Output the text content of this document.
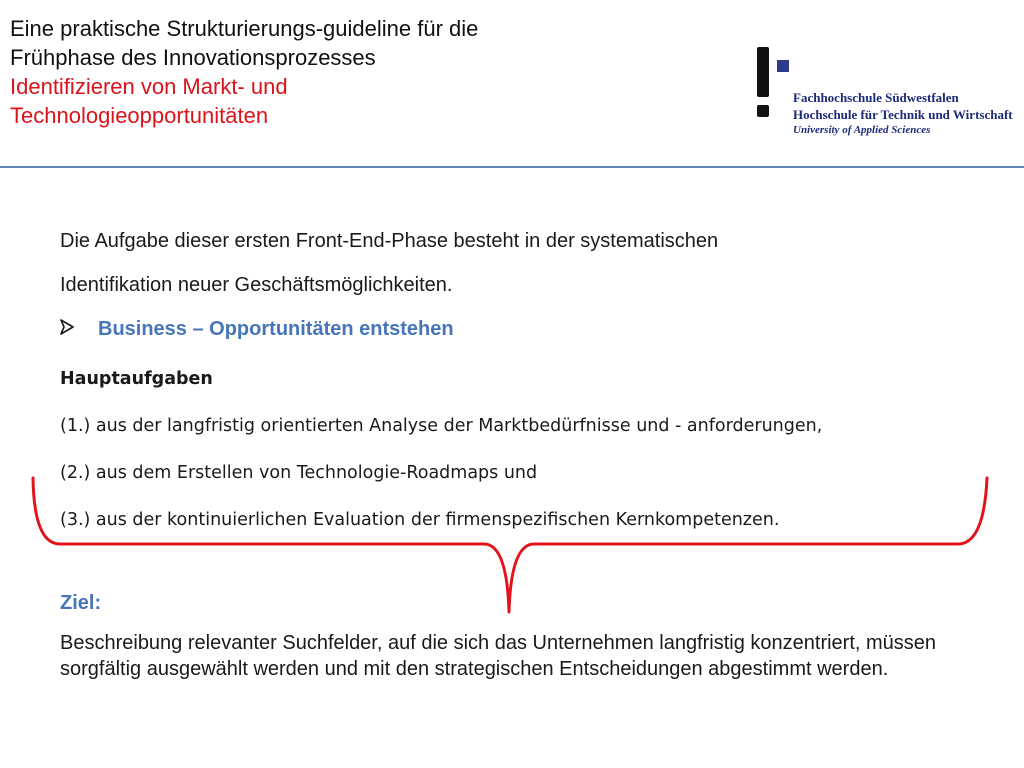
Eine praktische Strukturierungs-guideline für die
Frühphase des Innovationsprozesses
Identifizieren von Markt- und
Technologieopportunitäten
Fachhochschule Südwestfalen
Hochschule für Technik und Wirtschaft
University of Applied Sciences
Die Aufgabe dieser ersten Front-End-Phase besteht in der systematischen
Identifikation neuer Geschäftsmöglichkeiten.
Business – Opportunitäten entstehen
Hauptaufgaben
(1.) aus der langfristig orientierten Analyse der Marktbedürfnisse und - anforderungen,
(2.) aus dem Erstellen von Technologie-Roadmaps und
(3.) aus der kontinuierlichen Evaluation der firmenspezifischen Kernkompetenzen.
Ziel:
Beschreibung relevanter Suchfelder, auf die sich das Unternehmen langfristig konzentriert, müssen sorgfältig ausgewählt werden und mit den strategischen Entscheidungen abgestimmt werden.
